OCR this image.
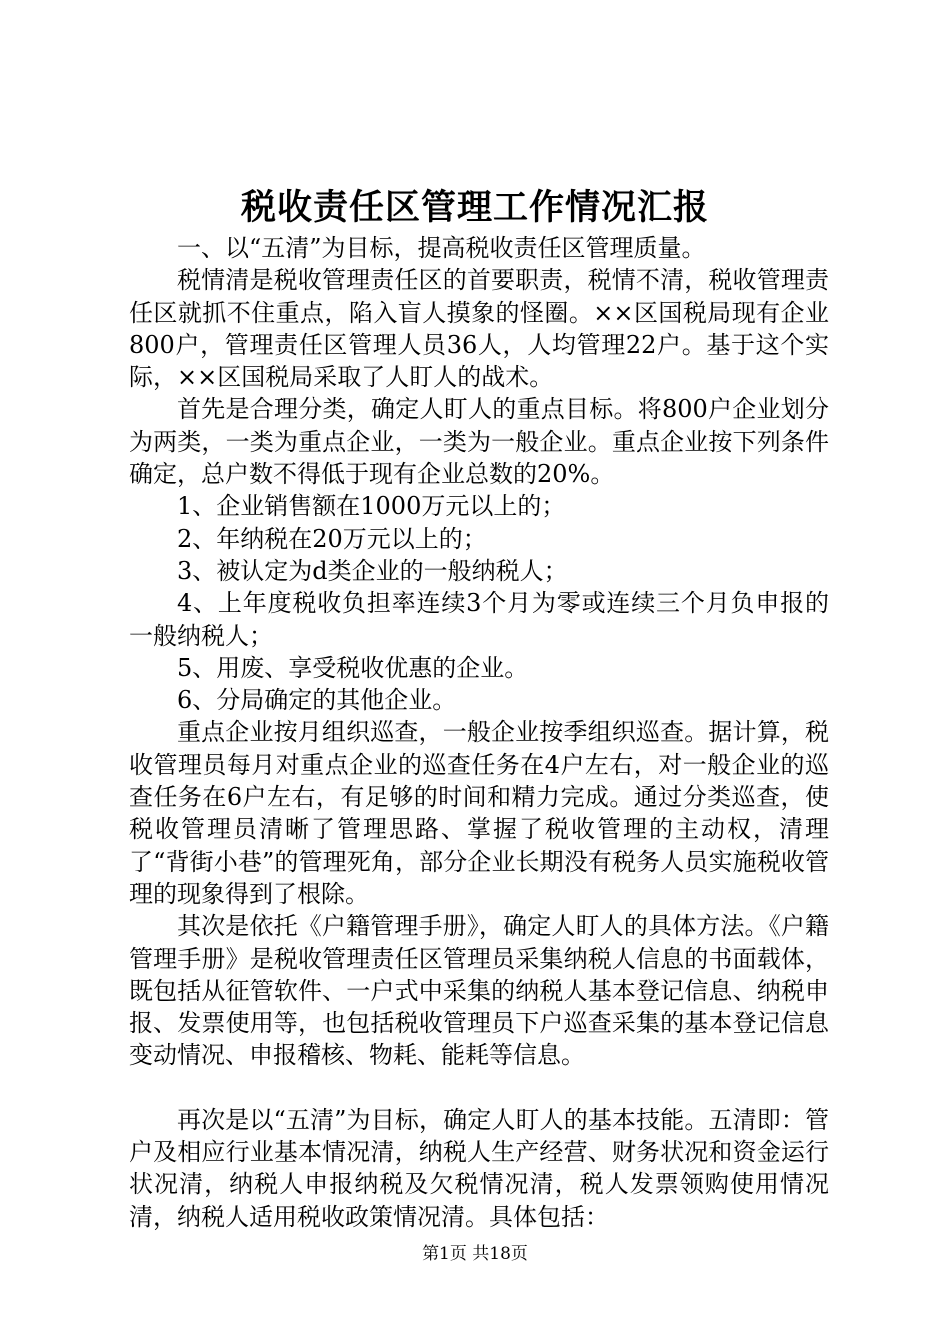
税收责任区管理工作情况汇报

一、以“五清”为目标，提高税收责任区管理质量。

税情清是税收管理责任区的首要职责，税情不清，税收管理责任区就抓不住重点，陷入盲人摸象的怪圈。××区国税局现有企业800户，管理责任区管理人员36人，人均管理22户。基于这个实际，××区国税局采取了人盯人的战术。

首先是合理分类，确定人盯人的重点目标。将800户企业划分为两类，一类为重点企业，一类为一般企业。重点企业按下列条件确定，总户数不得低于现有企业总数的20%。

1、企业销售额在1000万元以上的；

2、年纳税在20万元以上的；

3、被认定为d类企业的一般纳税人；

4、上年度税收负担率连续3个月为零或连续三个月负申报的一般纳税人；

5、用废、享受税收优惠的企业。

6、分局确定的其他企业。

重点企业按月组织巡查，一般企业按季组织巡查。据计算，税收管理员每月对重点企业的巡查任务在4户左右，对一般企业的巡查任务在6户左右，有足够的时间和精力完成。通过分类巡查，使税收管理员清晰了管理思路、掌握了税收管理的主动权，清理了“背街小巷”的管理死角，部分企业长期没有税务人员实施税收管理的现象得到了根除。

其次是依托《户籍管理手册》，确定人盯人的具体方法。《户籍管理手册》是税收管理责任区管理员采集纳税人信息的书面载体，既包括从征管软件、一户式中采集的纳税人基本登记信息、纳税申报、发票使用等，也包括税收管理员下户巡查采集的基本登记信息变动情况、申报稽核、物耗、能耗等信息。

再次是以“五清”为目标，确定人盯人的基本技能。五清即：管户及相应行业基本情况清，纳税人生产经营、财务状况和资金运行状况清，纳税人申报纳税及欠税情况清，税人发票领购使用情况清，纳税人适用税收政策情况清。具体包括：

第1页 共18页
